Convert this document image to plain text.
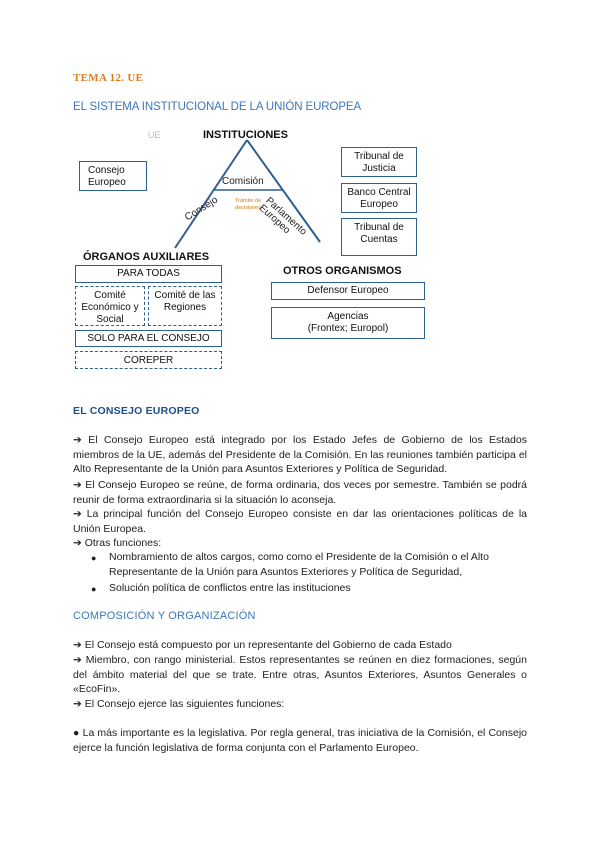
TEMA 12. UE
EL SISTEMA INSTITUCIONAL DE LA UNIÓN EUROPEA
UE	INSTITUCIONES
Consejo Europeo	Comisión
Trámite de decisiones
Consejo	Parlamento Europeo
Tribunal de Justicia
Banco Central Europeo
Tribunal de Cuentas
ÓRGANOS AUXILIARES
PARA TODAS
Comité Económico y Social
Comité de las Regiones
SOLO PARA EL CONSEJO
COREPER
OTROS ORGANISMOS
Defensor Europeo
Agencias
(Frontex; Europol)
EL CONSEJO EUROPEO
➔ El Consejo Europeo está integrado por los Estado Jefes de Gobierno de los Estados miembros de la UE, además del Presidente de la Comisión. En las reuniones también participa el Alto Representante de la Unión para Asuntos Exteriores y Política de Seguridad.
➔ El Consejo Europeo se reúne, de forma ordinaria, dos veces por semestre. También se podrá reunir de forma extraordinaria si la situación lo aconseja.
➔ La principal función del Consejo Europeo consiste en dar las orientaciones políticas de la Unión Europea.
➔ Otras funciones:
● Nombramiento de altos cargos, como como el Presidente de la Comisión o el Alto Representante de la Unión para Asuntos Exteriores y Política de Seguridad,
● Solución política de conflictos entre las instituciones
COMPOSICIÓN Y ORGANIZACIÓN
➔ El Consejo está compuesto por un representante del Gobierno de cada Estado
➔ Miembro, con rango ministerial. Estos representantes se reúnen en diez formaciones, según del ámbito material del que se trate. Entre otras, Asuntos Exteriores, Asuntos Generales o «EcoFin».
➔ El Consejo ejerce las siguientes funciones:
● La más importante es la legislativa. Por regla general, tras iniciativa de la Comisión, el Consejo ejerce la función legislativa de forma conjunta con el Parlamento Europeo.
